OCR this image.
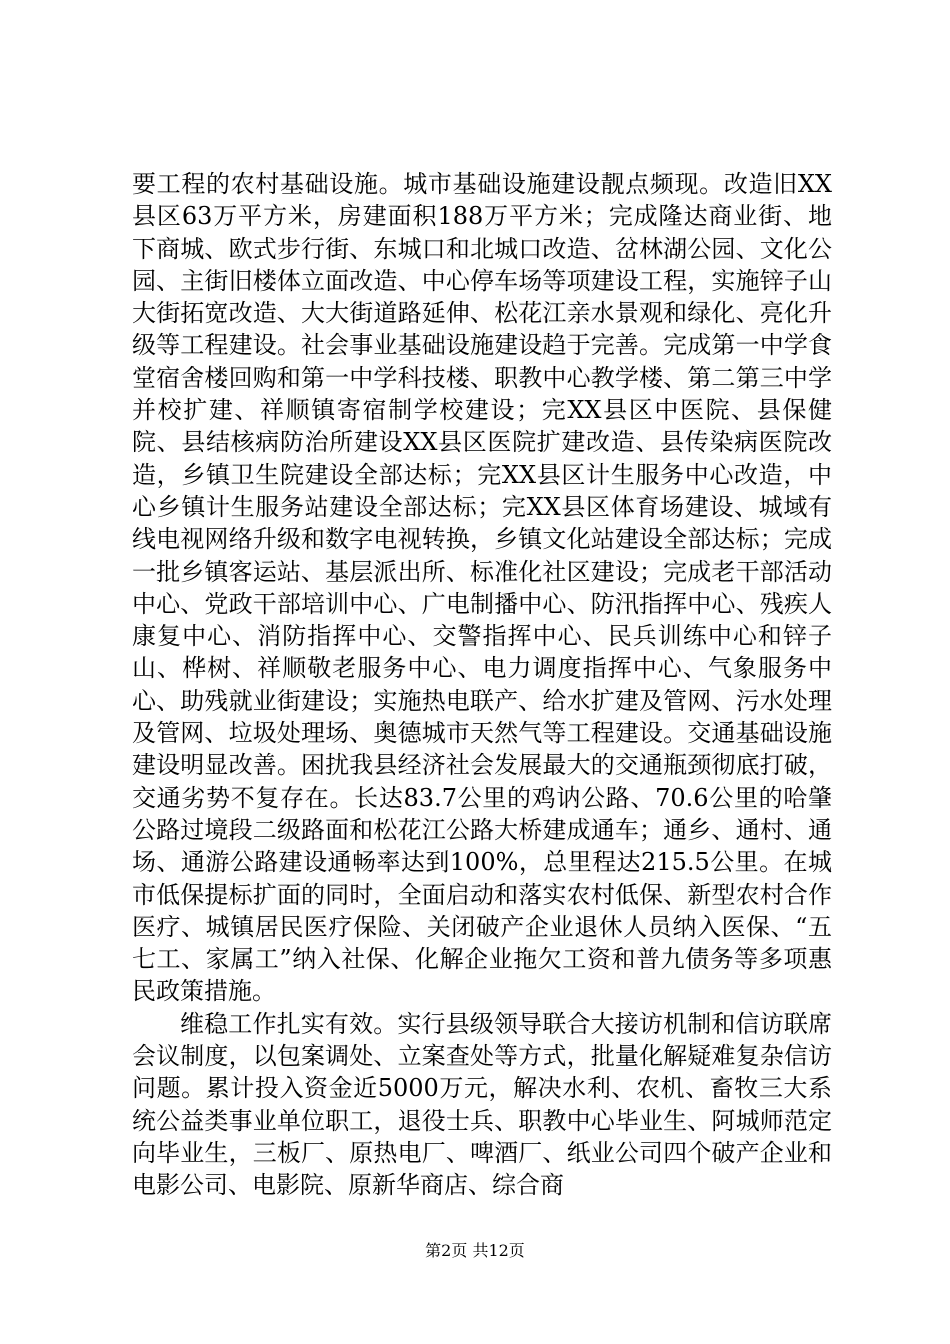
要工程的农村基础设施。城市基础设施建设靓点频现。改造旧XX县区63万平方米，房建面积188万平方米；完成隆达商业街、地下商城、欧式步行街、东城口和北城口改造、岔林湖公园、文化公园、主街旧楼体立面改造、中心停车场等项建设工程，实施锌子山大街拓宽改造、大大街道路延伸、松花江亲水景观和绿化、亮化升级等工程建设。社会事业基础设施建设趋于完善。完成第一中学食堂宿舍楼回购和第一中学科技楼、职教中心教学楼、第二第三中学并校扩建、祥顺镇寄宿制学校建设；完XX县区中医院、县保健院、县结核病防治所建设XX县区医院扩建改造、县传染病医院改造，乡镇卫生院建设全部达标；完XX县区计生服务中心改造，中心乡镇计生服务站建设全部达标；完XX县区体育场建设、城域有线电视网络升级和数字电视转换，乡镇文化站建设全部达标；完成一批乡镇客运站、基层派出所、标准化社区建设；完成老干部活动中心、党政干部培训中心、广电制播中心、防汛指挥中心、残疾人康复中心、消防指挥中心、交警指挥中心、民兵训练中心和锌子山、桦树、祥顺敬老服务中心、电力调度指挥中心、气象服务中心、助残就业街建设；实施热电联产、给水扩建及管网、污水处理及管网、垃圾处理场、奥德城市天然气等工程建设。交通基础设施建设明显改善。困扰我县经济社会发展最大的交通瓶颈彻底打破，交通劣势不复存在。长达83.7公里的鸡讷公路、70.6公里的哈肇公路过境段二级路面和松花江公路大桥建成通车；通乡、通村、通场、通游公路建设通畅率达到100%，总里程达215.5公里。在城市低保提标扩面的同时，全面启动和落实农村低保、新型农村合作医疗、城镇居民医疗保险、关闭破产企业退休人员纳入医保、“五七工、家属工”纳入社保、化解企业拖欠工资和普九债务等多项惠民政策措施。

维稳工作扎实有效。实行县级领导联合大接访机制和信访联席会议制度，以包案调处、立案查处等方式，批量化解疑难复杂信访问题。累计投入资金近5000万元，解决水利、农机、畜牧三大系统公益类事业单位职工，退役士兵、职教中心毕业生、阿城师范定向毕业生，三板厂、原热电厂、啤酒厂、纸业公司四个破产企业和电影公司、电影院、原新华商店、综合商

第2页 共12页
